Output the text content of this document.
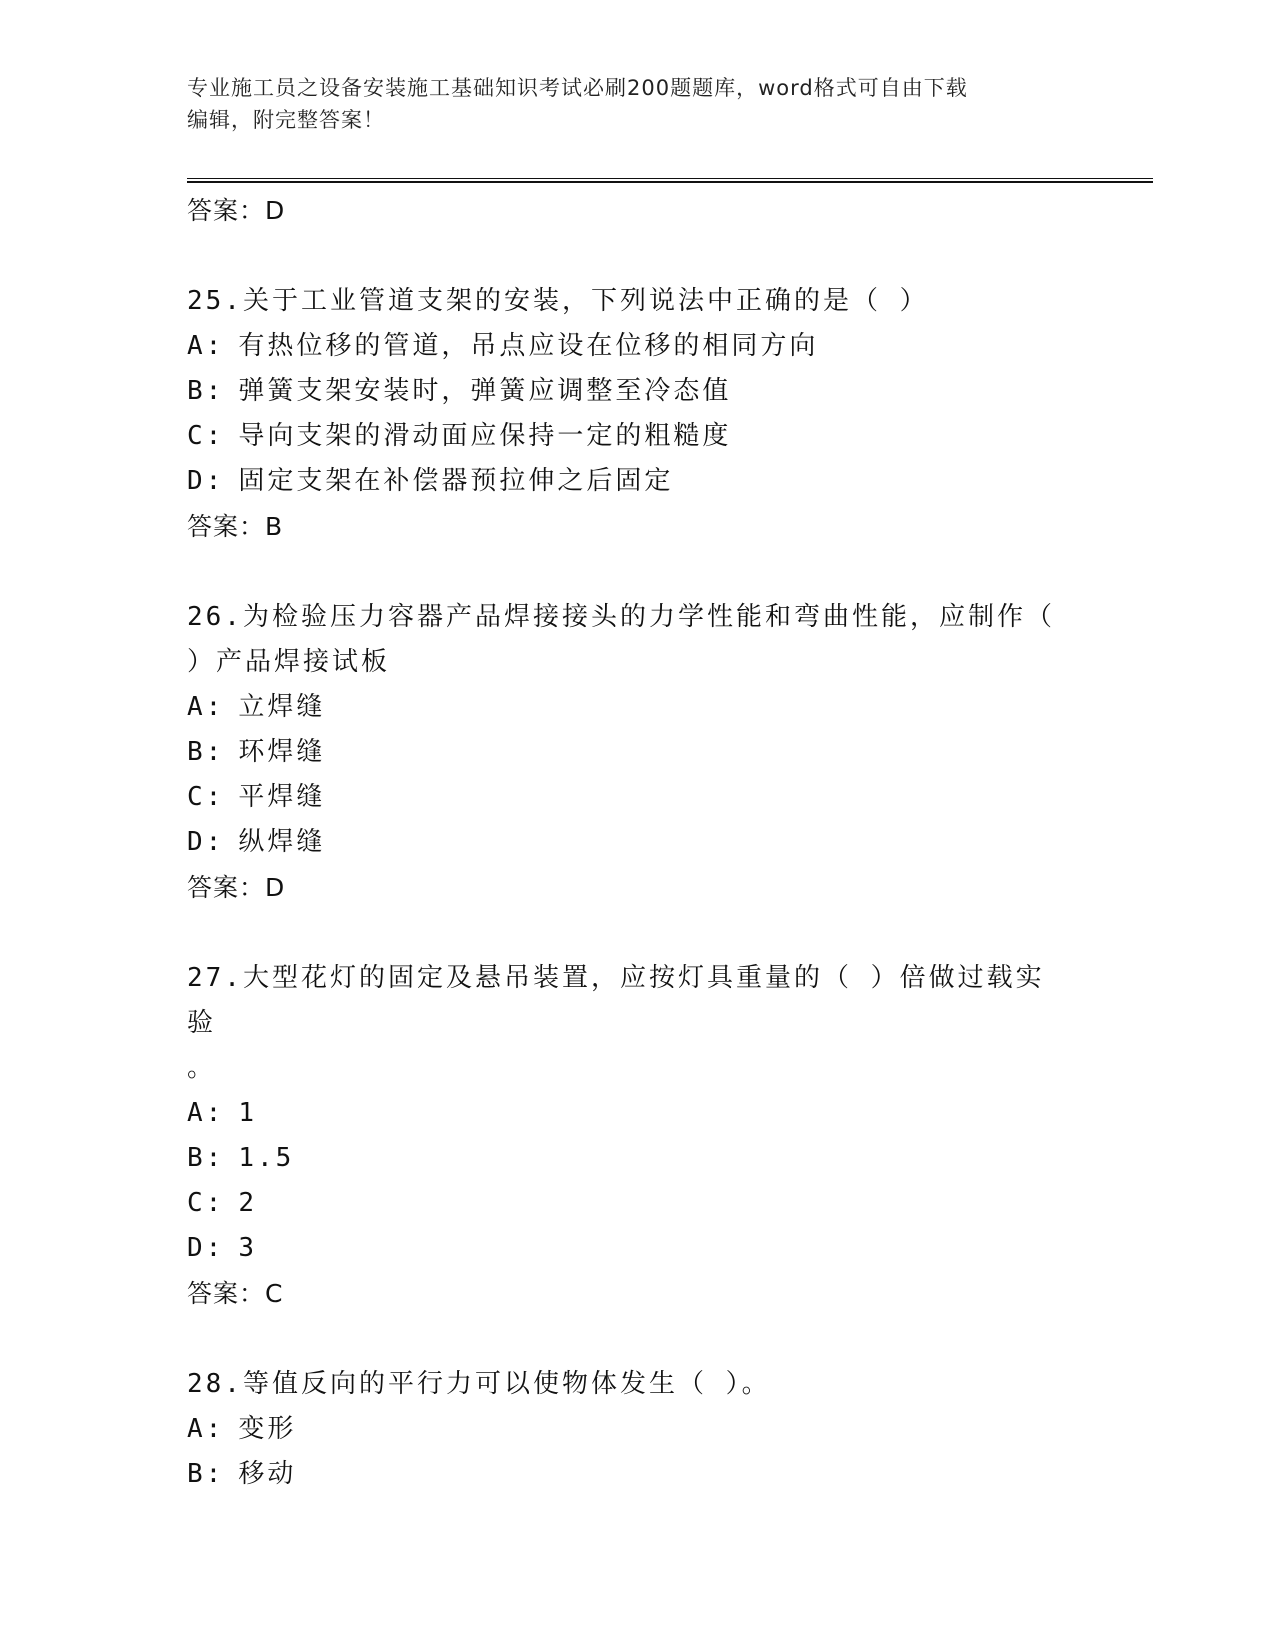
专业施工员之设备安装施工基础知识考试必刷200题题库，word格式可自由下载
编辑，附完整答案！
答案：D
25.关于工业管道支架的安装，下列说法中正确的是（ ）
A: 有热位移的管道，吊点应设在位移的相同方向
B: 弹簧支架安装时，弹簧应调整至冷态值
C: 导向支架的滑动面应保持一定的粗糙度
D: 固定支架在补偿器预拉伸之后固定
答案：B
26.为检验压力容器产品焊接接头的力学性能和弯曲性能，应制作（
）产品焊接试板
A: 立焊缝
B: 环焊缝
C: 平焊缝
D: 纵焊缝
答案：D
27.大型花灯的固定及悬吊装置，应按灯具重量的（ ）倍做过载实验
。
A: 1
B: 1.5
C: 2
D: 3
答案：C
28.等值反向的平行力可以使物体发生（ ）。
A: 变形
B: 移动
